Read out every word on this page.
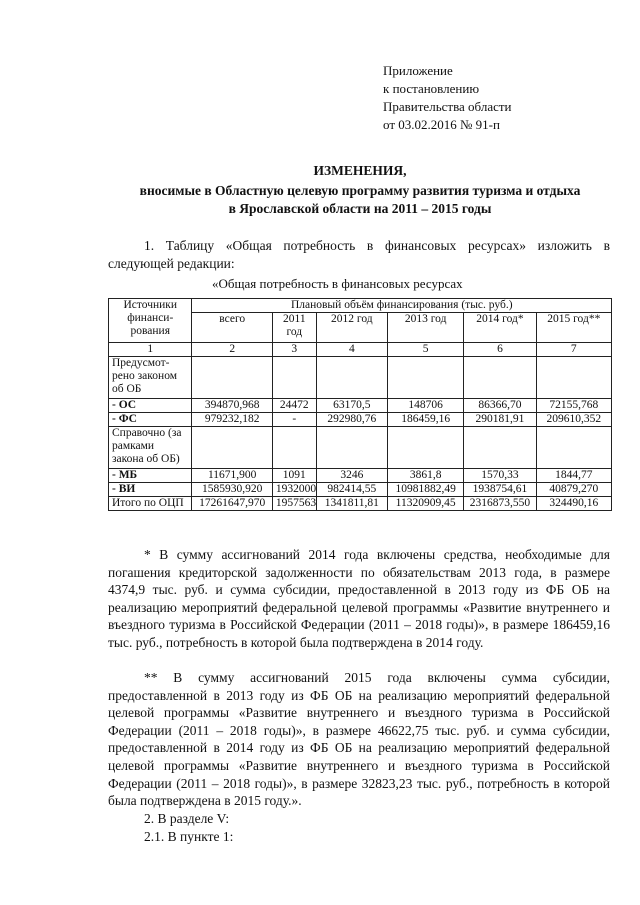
Приложение
к постановлению
Правительства области
от 03.02.2016 № 91-п
ИЗМЕНЕНИЯ,
вносимые в Областную целевую программу развития туризма и отдыха
в Ярославской области на 2011 – 2015 годы
1. Таблицу «Общая потребность в финансовых ресурсах» изложить в следующей редакции:
«Общая потребность в финансовых ресурсах
Источники финанси-рования	Плановый объём финансирования (тыс. руб.)					
	всего	2011 год	2012 год	2013 год	2014 год*	2015 год**
1	2	3	4	5	6	7
Предусмот-рено законом об ОБ						
- ОС	394870,968	24472	63170,5	148706	86366,70	72155,768
- ФС	979232,182	-	292980,76	186459,16	290181,91	209610,352
Справочно (за рамками закона об ОБ)						
- МБ	11671,900	1091	3246	3861,8	1570,33	1844,77
- ВИ	1585930,920	1932000	982414,55	10981882,49	1938754,61	40879,270
Итого по ОЦП	17261647,970	1957563	1341811,81	11320909,45	2316873,550	324490,16
* В сумму ассигнований 2014 года включены средства, необходимые для погашения кредиторской задолженности по обязательствам 2013 года, в размере 4374,9 тыс. руб. и сумма субсидии, предоставленной в 2013 году из ФБ ОБ на реализацию мероприятий федеральной целевой программы «Развитие внутреннего и въездного туризма в Российской Федерации (2011 – 2018 годы)», в размере 186459,16 тыс. руб., потребность в которой была подтверждена в 2014 году.
** В сумму ассигнований 2015 года включены сумма субсидии, предоставленной в 2013 году из ФБ ОБ на реализацию мероприятий федеральной целевой программы «Развитие внутреннего и въездного туризма в Российской Федерации (2011 – 2018 годы)», в размере 46622,75 тыс. руб. и сумма субсидии, предоставленной в 2014 году из ФБ ОБ на реализацию мероприятий федеральной целевой программы «Развитие внутреннего и въездного туризма в Российской Федерации (2011 – 2018 годы)», в размере 32823,23 тыс. руб., потребность в которой была подтверждена в 2015 году.».
2. В разделе V:
2.1. В пункте 1:
